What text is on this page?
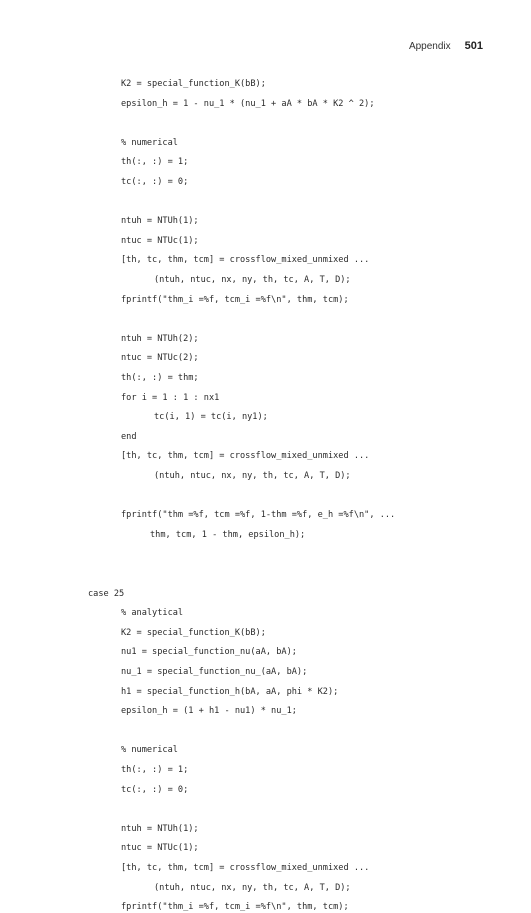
Appendix 501
K2 = special_function_K(bB);
epsilon_h = 1 - nu_1 * (nu_1 + aA * bA * K2 ^ 2);
% numerical
th(:, :) = 1;
tc(:, :) = 0;
ntuh = NTUh(1);
ntuc = NTUc(1);
[th, tc, thm, tcm] = crossflow_mixed_unmixed ...
(ntuh, ntuc, nx, ny, th, tc, A, T, D);
fprintf("thm_i =%f, tcm_i =%f\n", thm, tcm);
ntuh = NTUh(2);
ntuc = NTUc(2);
th(:, :) = thm;
for i = 1 : 1 : nx1
tc(i, 1) = tc(i, ny1);
end
[th, tc, thm, tcm] = crossflow_mixed_unmixed ...
(ntuh, ntuc, nx, ny, th, tc, A, T, D);
fprintf("thm =%f, tcm =%f, 1-thm =%f, e_h =%f\n", ...
thm, tcm, 1 - thm, epsilon_h);
case 25
% analytical
K2 = special_function_K(bB);
nu1 = special_function_nu(aA, bA);
nu_1 = special_function_nu_(aA, bA);
h1 = special_function_h(bA, aA, phi * K2);
epsilon_h = (1 + h1 - nu1) * nu_1;
% numerical
th(:, :) = 1;
tc(:, :) = 0;
ntuh = NTUh(1);
ntuc = NTUc(1);
[th, tc, thm, tcm] = crossflow_mixed_unmixed ...
(ntuh, ntuc, nx, ny, th, tc, A, T, D);
fprintf("thm_i =%f, tcm_i =%f\n", thm, tcm);
